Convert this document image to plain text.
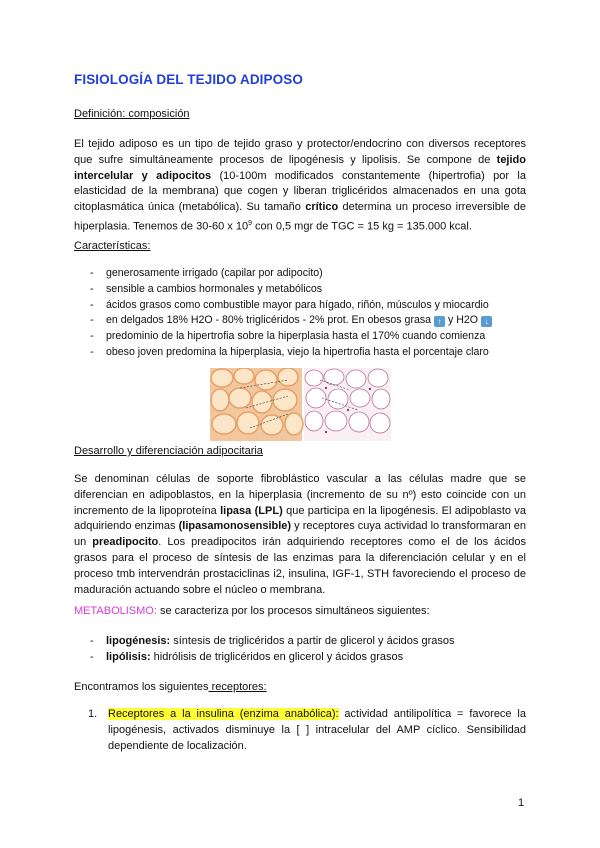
FISIOLOGÍA DEL TEJIDO ADIPOSO
Definición: composición
El tejido adiposo es un tipo de tejido graso y protector/endocrino con diversos receptores que sufre simultáneamente procesos de lipogénesis y lipolisis. Se compone de tejido intercelular y adipocitos (10-100m modificados constantemente (hipertrofia) por la elasticidad de la membrana) que cogen y liberan triglicéridos almacenados en una gota citoplasmática única (metabólica). Su tamaño crítico determina un proceso irreversible de hiperplasia. Tenemos de 30-60 x $10^9$ con 0,5 mgr de TGC = 15 kg = 135.000 kcal.
Características:
- generosamente irrigado (capilar por adipocito)
- sensible a cambios hormonales y metabólicos
- ácidos grasos como combustible mayor para hígado, riñón, músculos y miocardio
- en delgados 18% H2O - 80% triglicéridos - 2% prot. En obesos grasa ↑ y H2O ↓
- predominio de la hipertrofia sobre la hiperplasia hasta el 170% cuando comienza
- obeso joven predomina la hiperplasia, viejo la hipertrofia hasta el porcentaje claro
Desarrollo y diferenciación adipocitaria
Se denominan células de soporte fibroblástico vascular a las células madre que se diferencian en adipoblastos, en la hiperplasia (incremento de su nº) esto coincide con un incremento de la lipoproteína lipasa (LPL) que participa en la lipogénesis. El adipoblasto va adquiriendo enzimas (lipasamonosensible) y receptores cuya actividad lo transformaran en un preadipocito. Los preadipocitos irán adquiriendo receptores como el de los ácidos grasos para el proceso de síntesis de las enzimas para la diferenciación celular y en el proceso tmb intervendrán prostaciclinas i2, insulina, IGF-1, STH favoreciendo el proceso de maduración actuando sobre el núcleo o membrana.
METABOLISMO: se caracteriza por los procesos simultáneos siguientes:
- lipogénesis: síntesis de triglicéridos a partir de glicerol y ácidos grasos
- lipólisis: hidrólisis de triglicéridos en glicerol y ácidos grasos
Encontramos los siguientes receptores:
1. Receptores a la insulina (enzima anabólica): actividad antilipolítica = favorece la lipogénesis, activados disminuye la [ ] intracelular del AMP cíclico. Sensibilidad dependiente de localización.
1
